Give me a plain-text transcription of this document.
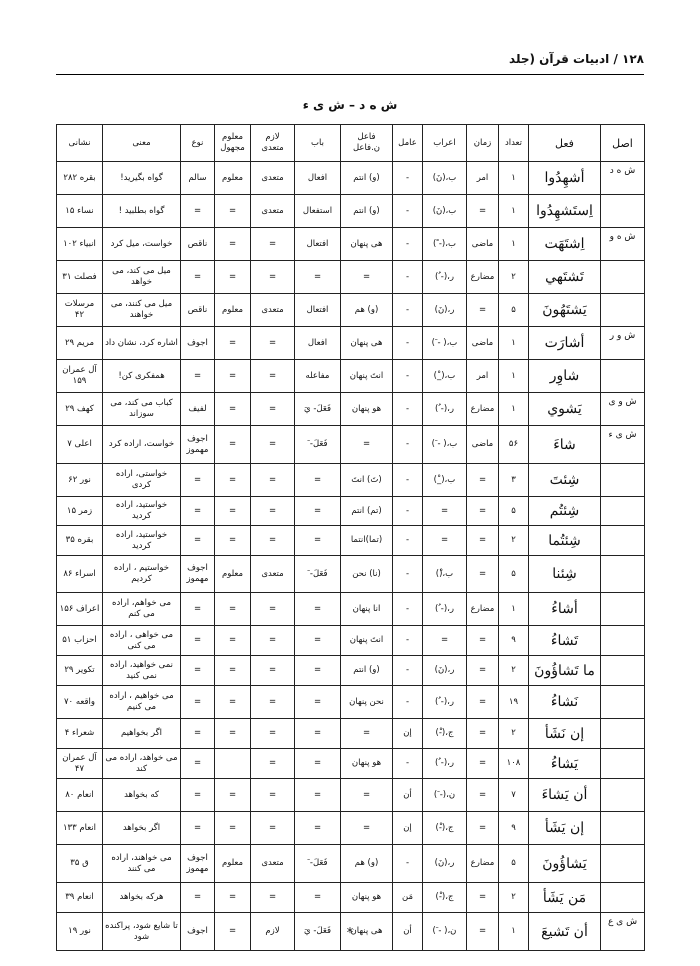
۱۲۸ / ادبیات قرآن (جلد
ش ه د – ش ی ء
اصل	فعل	تعداد	زمان	اعراب	عامل	فاعل ن.فاعل	باب	لازم متعدی	معلوم مجهول	نوع	معنی	نشانی
ش ه د	أشهِدُوا	۱	امر	ب،(نَ)	-	(و) انتم	افعال	متعدی	معلوم	سالم	گواه بگیرید!	بقره ۲۸۲
	اِستَشهِدُوا	۱	=	ب،(نَ)	-	(و) انتم	استفعال	متعدی	=	=	گواه بطلبید !	نساء ۱۵
ش ه و	اِشتَهَت	۱	ماضی	ب،(- ً)	-	هی پنهان	افتعال	=	=	ناقص	خواست، میل کرد	انبیاء ۱۰۲
	تَشتَهي	۲	مضارع	ر،(- ُ)	-	=	=	=	=	=	میل می کند، می خواهد	فصلت ۳۱
	يَشتَهُونَ	۵	=	ر،(نَ)	-	(و) هم	افتعال	متعدی	معلوم	ناقص	میل می کنند، می خواهند	مرسلات ۴۲
ش و ر	أشارَت	۱	ماضی	ب،( - َ)	-	هی پنهان	افعال	=	=	اجوف	اشاره کرد، نشان داد	مریم ۲۹
	شاوِر	۱	امر	ب،(_ْ)	-	انتَ پنهان	مفاعله	=	=	=	همفکری کن!	آل عمران ۱۵۹
ش و ی	يَشوي	۱	مضارع	ر،(- ُ)	-	هو پنهان	فَعَلَ- يَ	=	=	لفیف	کباب می کند، می سوزاند	کهف ۲۹
ش ی ء	شاءَ	۵۶	ماضی	ب،( - َ)	-	=	فَعَلَ- َ	=	=	اجوف مهموز	خواست، اراده کرد	اعلی ۷
	شِئتَ	۳	=	ب،(_ْ)	-	(تَ) انتَ	=	=	=	=	خواستی، اراده کردی	نور ۶۲
	شِئتُم	۵	=	=	-	(تم) انتم	=	=	=	=	خواستید، اراده کردید	زمر ۱۵
	شِئتُما	۲	=	=	-	(تما)انتما	=	=	=	=	خواستید، اراده کردید	بقره ۳۵
	شِئنا	۵	=	ب،(ْ)	-	(نا) نحن	فَعَلَ- َ	متعدی	معلوم	اجوف مهموز	خواستیم ، اراده کردیم	اسراء ۸۶
	أشاءُ	۱	مضارع	ر،(- ُ)	-	انا پنهان	=	=	=	=	می خواهم، اراده می کنم	اعراف ۱۵۶
	تَشاءُ	۹	=	=	-	انتَ پنهان	=	=	=	=	می خواهی ، اراده می کنی	احزاب ۵۱
	ما تَشاؤُونَ	۲	=	ر،(نَ)	-	(و) انتم	=	=	=	=	نمی خواهید، اراده نمی کنید	تکویر ۲۹
	نَشاءُ	۱۹	=	ر،(- ُ)	-	نحن پنهان	=	=	=	=	می خواهیم ، اراده می کنیم	واقعه ۷۰
	إن نَشَأ	۲	=	ج،(-ْ)	إن	=	=	=	=	=	اگر بخواهیم	شعراء ۴
	يَشاءُ	۱۰۸	=	ر،(- ُ)	-	هو پنهان	=	=		=	می خواهد، اراده می کند	آل عمران ۴۷
	أن يَشاءَ	۷	=	ن،(- َ)	أن	=	=	=	=	=	که بخواهد	انعام ۸۰
	إن يَشَأ	۹	=	ج،(-ْ)	إن	=	=	=	=	=	اگر بخواهد	انعام ۱۳۳
	يَشاؤُونَ	۵	مضارع	ر،(نَ)	-	(و) هم	فَعَلَ- َ	متعدی	معلوم	اجوف مهموز	می خواهند، اراده می کنند	ق ۳۵
	مَن يَشَأ	۲	=	ج،(-ْ)	مَن	هو پنهان	=	=	=	=	هرکه بخواهد	انعام ۳۹
ش ی ع	أن تَشيعَ	۱	=	ن،( - َ)	أن	هی پنهان	فَعَلَ- يَ	لازم	=	اجوف	تا شایع شود، پراکنده شود	نور ۱۹	*
